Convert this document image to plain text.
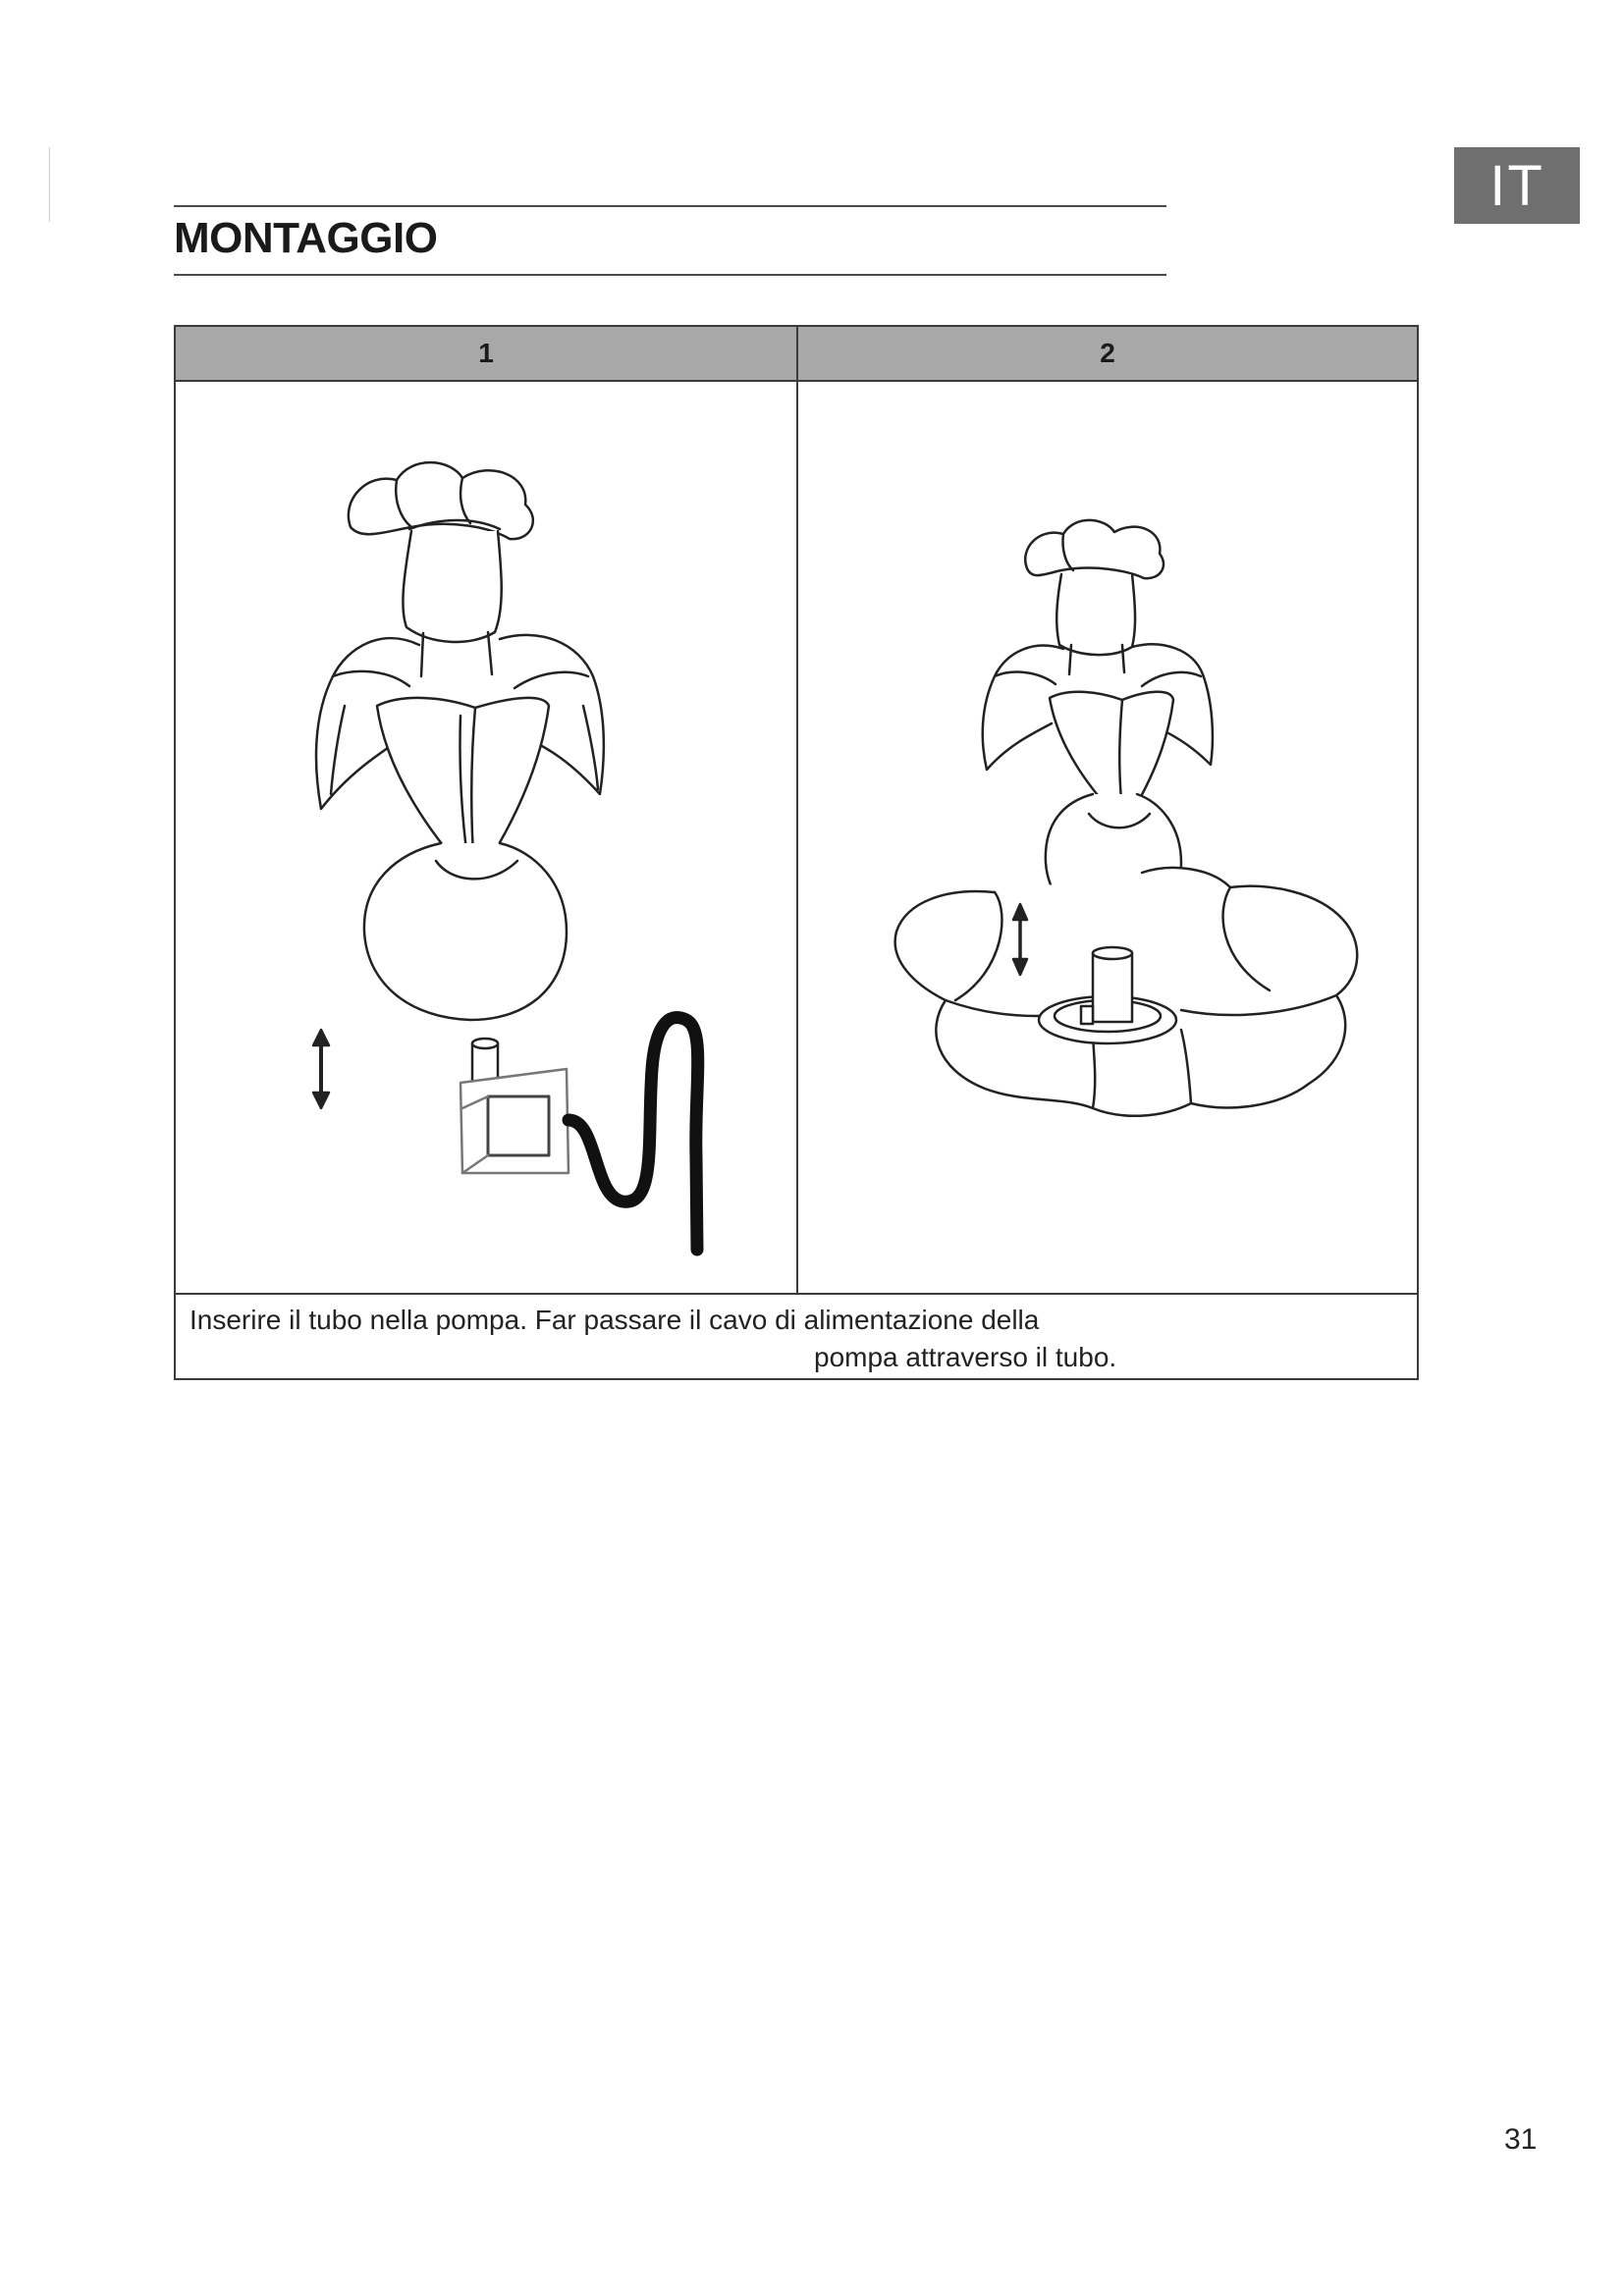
IT
MONTAGGIO
1	2
Inserire il tubo nella pompa. Far passare il cavo di alimentazione della
pompa attraverso il tubo.
31
